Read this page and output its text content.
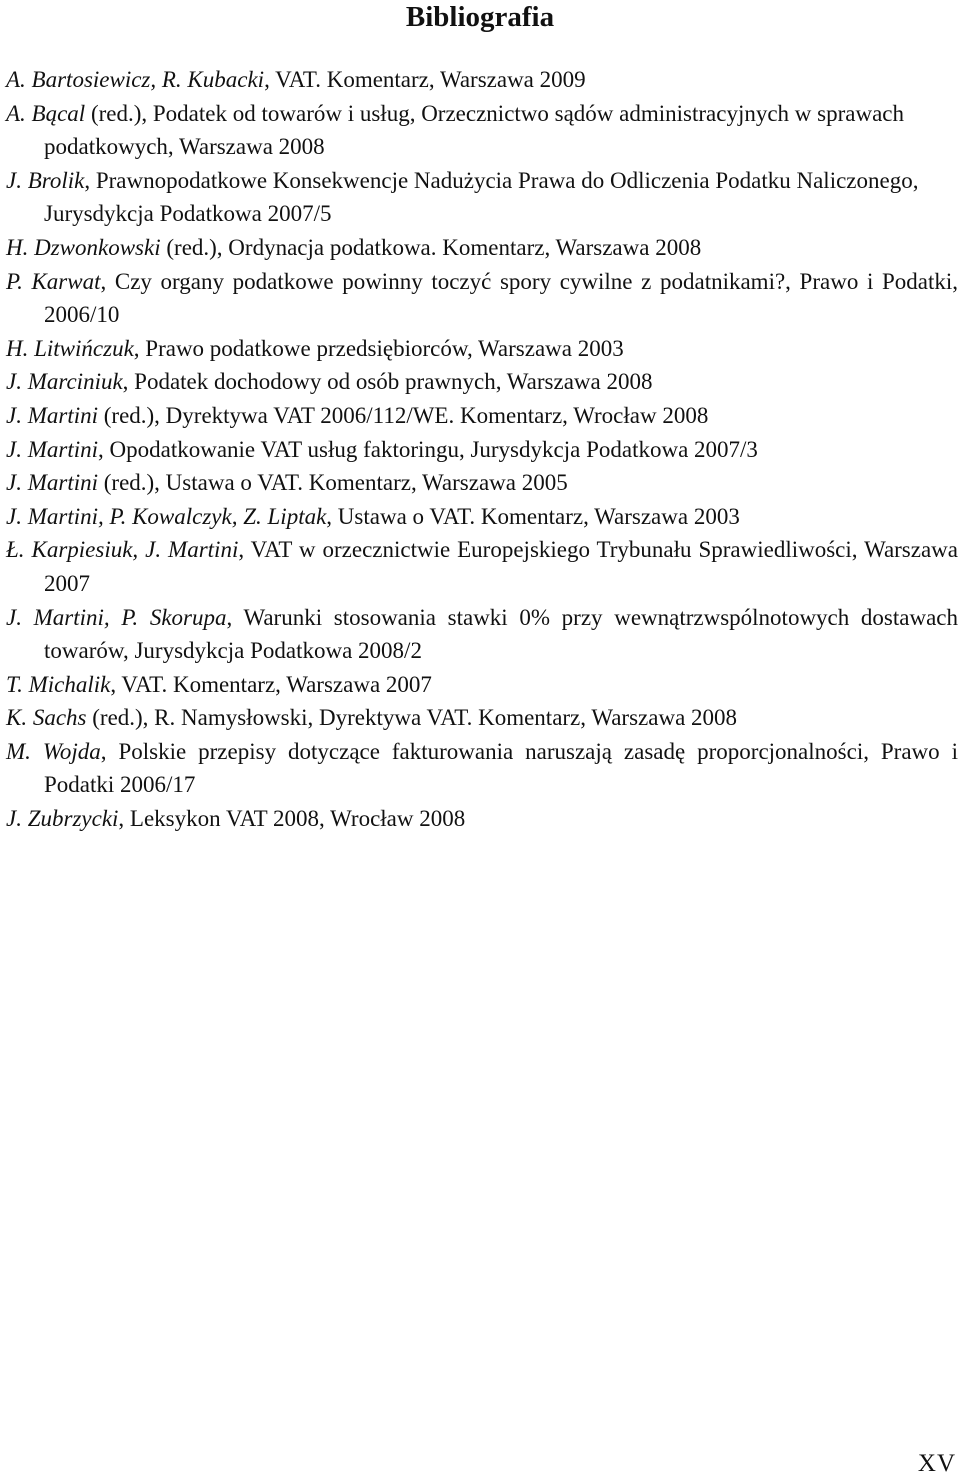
Bibliografia
A. Bartosiewicz, R. Kubacki, VAT. Komentarz, Warszawa 2009
A. Bącal (red.), Podatek od towarów i usług, Orzecznictwo sądów administracyjnych w sprawach podatkowych, Warszawa 2008
J. Brolik, Prawnopodatkowe Konsekwencje Nadużycia Prawa do Odliczenia Podatku Naliczonego, Jurysdykcja Podatkowa 2007/5
H. Dzwonkowski (red.), Ordynacja podatkowa. Komentarz, Warszawa 2008
P. Karwat, Czy organy podatkowe powinny toczyć spory cywilne z podatnikami?, Prawo i Podatki, 2006/10
H. Litwińczuk, Prawo podatkowe przedsiębiorców, Warszawa 2003
J. Marciniuk, Podatek dochodowy od osób prawnych, Warszawa 2008
J. Martini (red.), Dyrektywa VAT 2006/112/WE. Komentarz, Wrocław 2008
J. Martini, Opodatkowanie VAT usług faktoringu, Jurysdykcja Podatkowa 2007/3
J. Martini (red.), Ustawa o VAT. Komentarz, Warszawa 2005
J. Martini, P. Kowalczyk, Z. Liptak, Ustawa o VAT. Komentarz, Warszawa 2003
Ł. Karpiesiuk, J. Martini, VAT w orzecznictwie Europejskiego Trybunału Sprawiedliwości, Warszawa 2007
J. Martini, P. Skorupa, Warunki stosowania stawki 0% przy wewnątrzwspólnotowych dostawach towarów, Jurysdykcja Podatkowa 2008/2
T. Michalik, VAT. Komentarz, Warszawa 2007
K. Sachs (red.), R. Namysłowski, Dyrektywa VAT. Komentarz, Warszawa 2008
M. Wojda, Polskie przepisy dotyczące fakturowania naruszają zasadę proporcjonalności, Prawo i Podatki 2006/17
J. Zubrzycki, Leksykon VAT 2008, Wrocław 2008
XV
